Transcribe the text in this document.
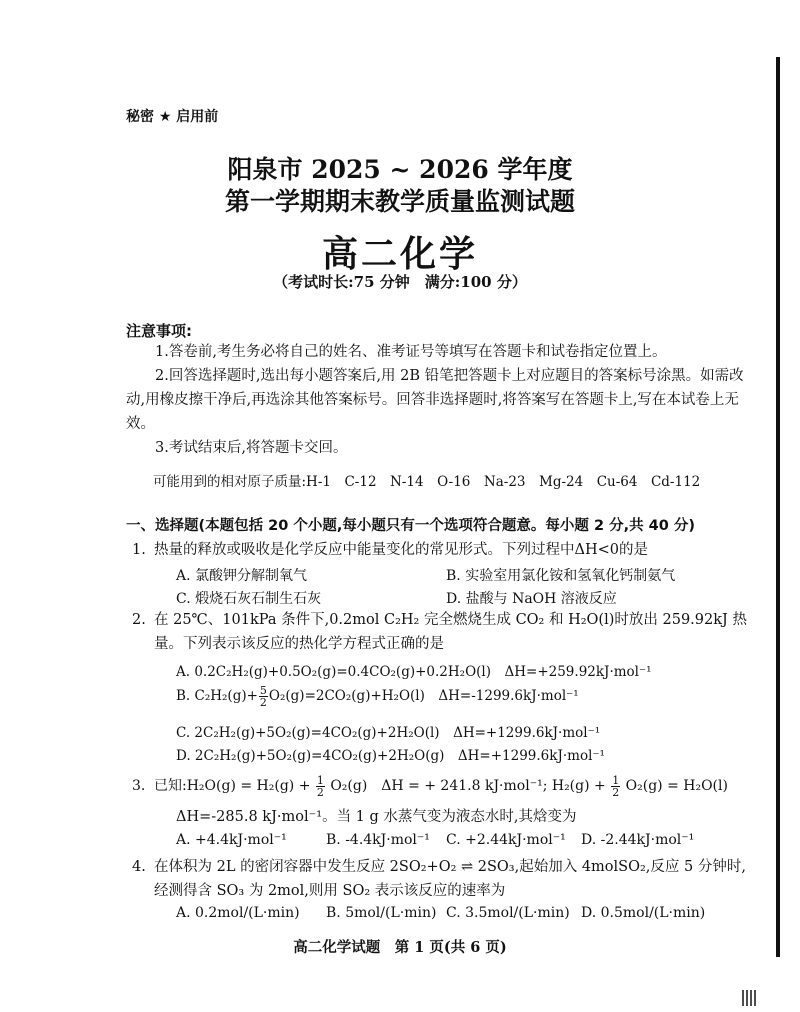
秘密 ★ 启用前
阳泉市 2025 ~ 2026 学年度
第一学期期末教学质量监测试题
高二化学
（考试时长:75 分钟　满分:100 分）
注意事项:
1.答卷前,考生务必将自己的姓名、准考证号等填写在答题卡和试卷指定位置上。
2.回答选择题时,选出每小题答案后,用 2B 铅笔把答题卡上对应题目的答案标号涂黑。如需改动,用橡皮擦干净后,再选涂其他答案标号。回答非选择题时,将答案写在答题卡上,写在本试卷上无效。
3.考试结束后,将答题卡交回。
可能用到的相对原子质量:H-1　C-12　N-14　O-16　Na-23　Mg-24　Cu-64　Cd-112
一、选择题(本题包括 20 个小题,每小题只有一个选项符合题意。每小题 2 分,共 40 分)
1. 热量的释放或吸收是化学反应中能量变化的常见形式。下列过程中ΔH<0的是
A. 氯酸钾分解制氧气	B. 实验室用氯化铵和氢氧化钙制氨气
C. 煅烧石灰石制生石灰	D. 盐酸与 NaOH 溶液反应
2. 在 25℃、101kPa 条件下,0.2mol C₂H₂ 完全燃烧生成 CO₂ 和 H₂O(l)时放出 259.92kJ 热量。下列表示该反应的热化学方程式正确的是
A. 0.2C₂H₂(g)+0.5O₂(g)=0.4CO₂(g)+0.2H₂O(l)　ΔH=+259.92kJ·mol⁻¹
B. $C_2H_2(g)+ \frac{5}{2} O_2(g)=2CO_2(g)+H_2O(l)$　ΔH=-1299.6kJ·mol⁻¹
C. 2C₂H₂(g)+5O₂(g)=4CO₂(g)+2H₂O(l)　ΔH=+1299.6kJ·mol⁻¹
D. 2C₂H₂(g)+5O₂(g)=4CO₂(g)+2H₂O(g)　ΔH=+1299.6kJ·mol⁻¹
3. 已知:H₂O(g) = $H_2(g) + \frac{1}{2} O_2(g)$　ΔH = + 241.8 kJ·mol⁻¹; $H_2(g) + \frac{1}{2} O_2(g) = H_2O(l)$
ΔH=-285.8 kJ·mol⁻¹。当 1 g 水蒸气变为液态水时,其焓变为
A. +4.4kJ·mol⁻¹	B. -4.4kJ·mol⁻¹ C. +2.44kJ·mol⁻¹ D. -2.44kJ·mol⁻¹
4. 在体积为 2L 的密闭容器中发生反应 2SO₂+O₂ ⇌ 2SO₃,起始加入 4molSO₂,反应 5 分钟时,经测得含 SO₃ 为 2mol,则用 SO₂ 表示该反应的速率为
A. 0.2mol/(L·min) B. 5mol/(L·min) C. 3.5mol/(L·min) D. 0.5mol/(L·min)
高二化学试题　第 1 页(共 6 页)
